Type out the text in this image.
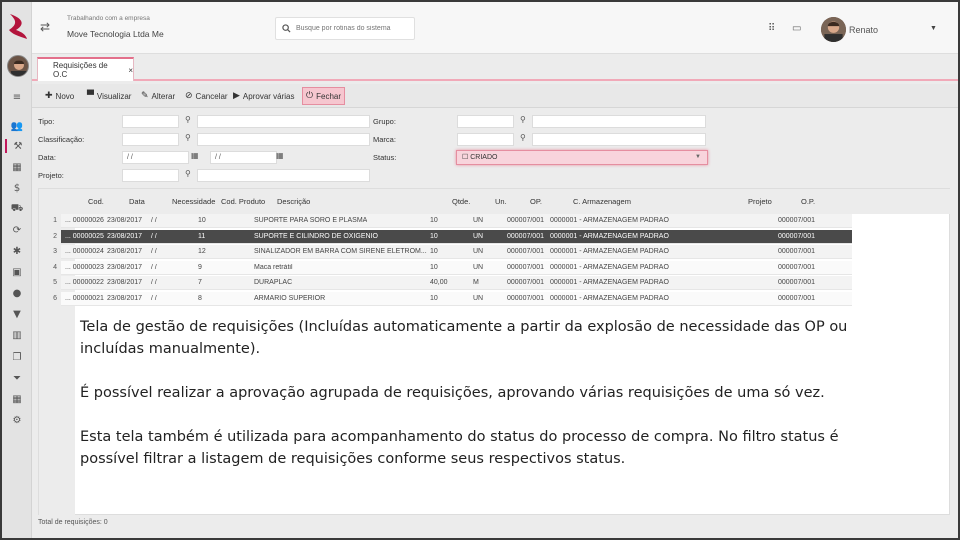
≡
👥
⚒
▦
$
⛟
⟳
✱
▣
●
▼
▥
❐
⏷
▦
⚙
⇄
Trabalhando com a empresa
Move Tecnologia Ltda Me
Busque por rotinas do sistema	⠿ ▭	Renato	▼
Requisições de O.C	×
✚ Novo ▀ Visualizar ✎ Alterar ⊘ Cancelar ▶ Aprovar várias ⏻ Fechar
Tipo:	⚲
Classificação:	⚲
Data:	/ /	▦	/ /	▦
Projeto:	⚲
Grupo:	⚲
Marca:	⚲
Status:	☐ CRIADO	▼
Cod.	Data	Necessidade Cod. Produto Descrição	Qtde.	Un.	OP.	C. Armazenagem	Projeto	O.P.
1 ... 00000026 23/08/2017 / /	10	SUPORTE PARA SORO E PLASMA	10	UN	000007/001 0000001 - ARMAZENAGEM PADRÃO	000007/001
2 ... 00000025 23/08/2017 / /	11	SUPORTE E CILINDRO DE OXIGÊNIO	10	UN	000007/001 0000001 - ARMAZENAGEM PADRÃO	000007/001
3 ... 00000024 23/08/2017 / /	12	SINALIZADOR EM BARRA COM SIRENE ELETROM... 10	UN	000007/001 0000001 - ARMAZENAGEM PADRÃO	000007/001
4 ... 00000023 23/08/2017 / /	9	Maca retrátil	10	UN	000007/001 0000001 - ARMAZENAGEM PADRÃO	000007/001
5 ... 00000022 23/08/2017 / /	7	DURAPLAC	40,00	M	000007/001 0000001 - ARMAZENAGEM PADRÃO	000007/001
6 ... 00000021 23/08/2017 / /	8	ARMÁRIO SUPERIOR	10	UN	000007/001 0000001 - ARMAZENAGEM PADRÃO	000007/001

Tela de gestão de requisições (Incluídas automaticamente a partir da explosão de necessidade das OP ou incluídas manualmente).

É possível realizar a aprovação agrupada de requisições, aprovando várias requisições de uma só vez.

Esta tela também é utilizada para acompanhamento do status do processo de compra. No filtro status é possível filtrar a listagem de requisições conforme seus respectivos status.

Total de requisições: 0
